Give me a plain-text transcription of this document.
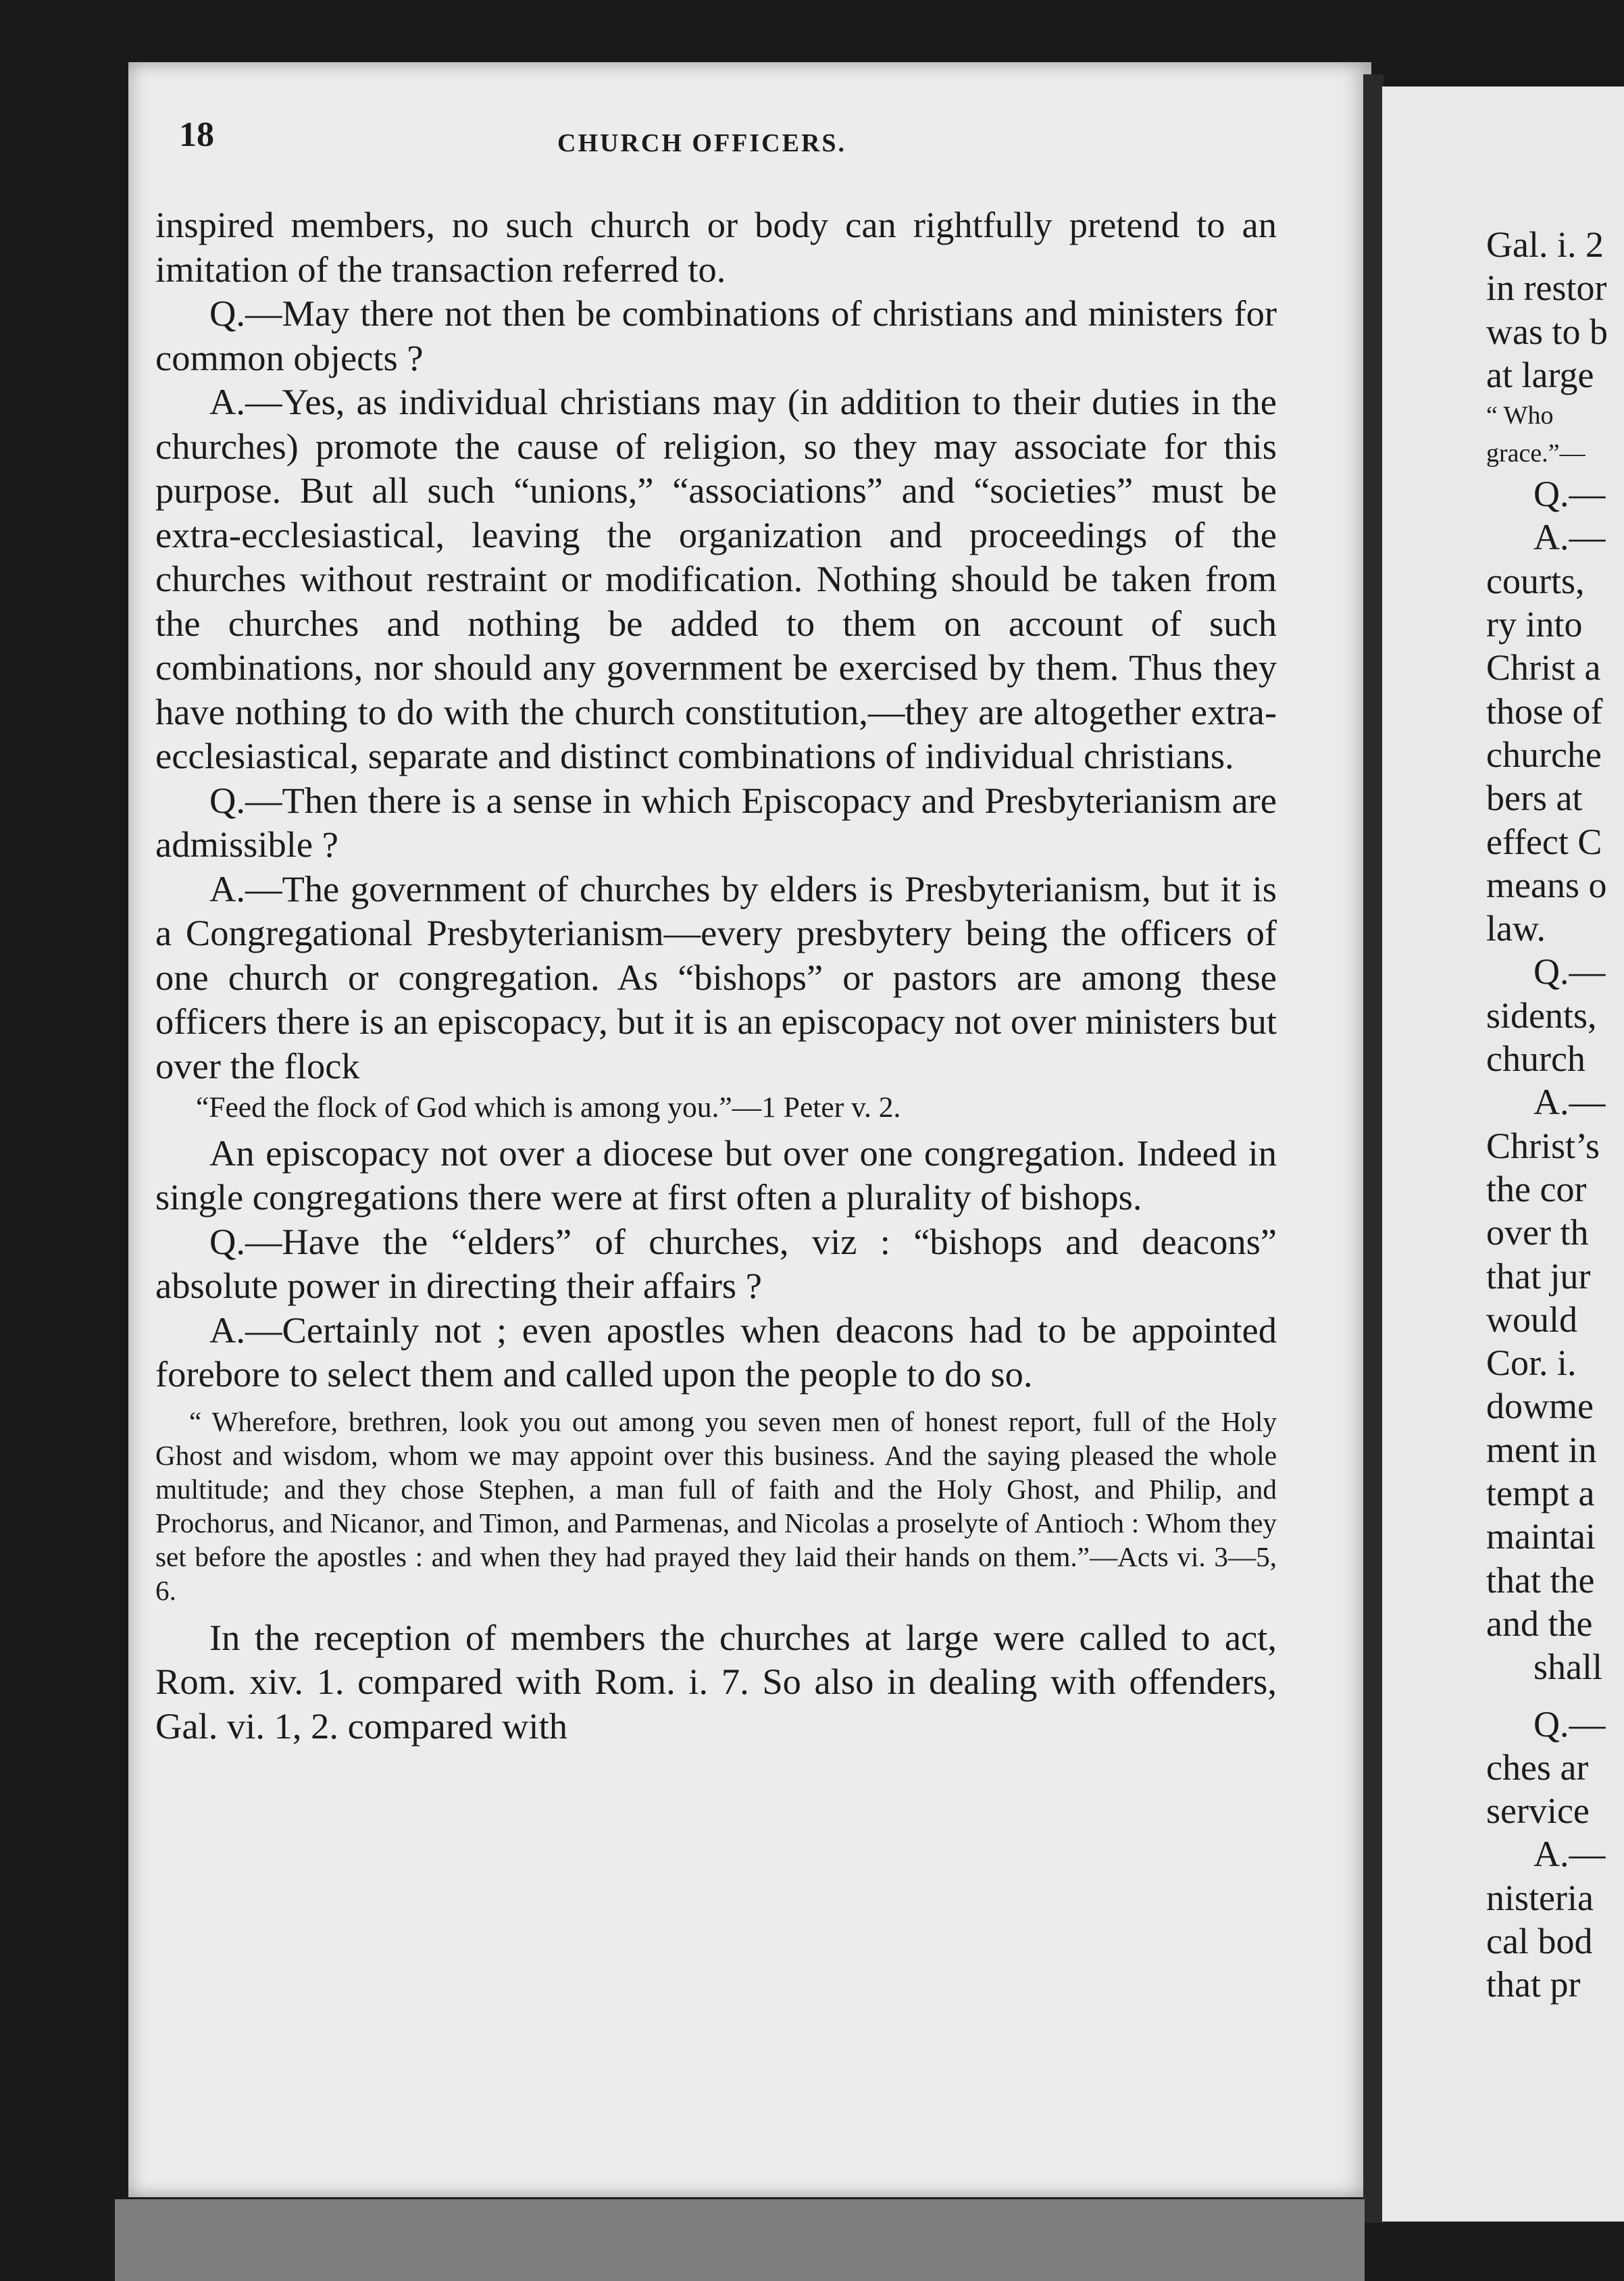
18	CHURCH OFFICERS.

inspired members, no such church or body can rightfully pretend to an imitation of the transaction referred to.

Q.—May there not then be combinations of christians and ministers for common objects ?

A.—Yes, as individual christians may (in addition to their duties in the churches) promote the cause of religion, so they may associate for this purpose. But all such “unions,” “associations” and “societies” must be extra-ecclesiastical, leaving the organization and proceedings of the churches without restraint or modification. Nothing should be taken from the churches and nothing be added to them on account of such combinations, nor should any government be exercised by them. Thus they have nothing to do with the church constitution,—they are altogether extra-ecclesiastical, separate and distinct combinations of individual christians.

Q.—Then there is a sense in which Episcopacy and Presbyterianism are admissible ?

A.—The government of churches by elders is Presbyterianism, but it is a Congregational Presbyterianism—every presbytery being the officers of one church or congregation. As “bishops” or pastors are among these officers there is an episcopacy, but it is an episcopacy not over ministers but over the flock

“Feed the flock of God which is among you.”—1 Peter v. 2.

An episcopacy not over a diocese but over one congregation. Indeed in single congregations there were at first often a plurality of bishops.

Q.—Have the “elders” of churches, viz : “bishops and deacons” absolute power in directing their affairs ?

A.—Certainly not ; even apostles when deacons had to be appointed forebore to select them and called upon the people to do so.

“ Wherefore, brethren, look you out among you seven men of honest report, full of the Holy Ghost and wisdom, whom we may appoint over this business. And the saying pleased the whole multitude; and they chose Stephen, a man full of faith and the Holy Ghost, and Philip, and Prochorus, and Nicanor, and Timon, and Parmenas, and Nicolas a proselyte of Antioch : Whom they set before the apostles : and when they had prayed they laid their hands on them.”—Acts vi. 3—5, 6.

In the reception of members the churches at large were called to act, Rom. xiv. 1. compared with Rom. i. 7. So also in dealing with offenders, Gal. vi. 1, 2. compared with

Gal. i. 2
in restor
was to b
at large
“ Who
grace.”—
Q.—
A.—
courts,
ry into
Christ a
those of
churche
bers at
effect C
means o
law.
Q.—
sidents,
church
A.—
Christ’s
the cor
over th
that jur
would
Cor. i.
dowme
ment in
tempt a
maintai
that the
and the
shall
Q.—
ches ar
service
A.—
nisteria
cal bod
that pr
